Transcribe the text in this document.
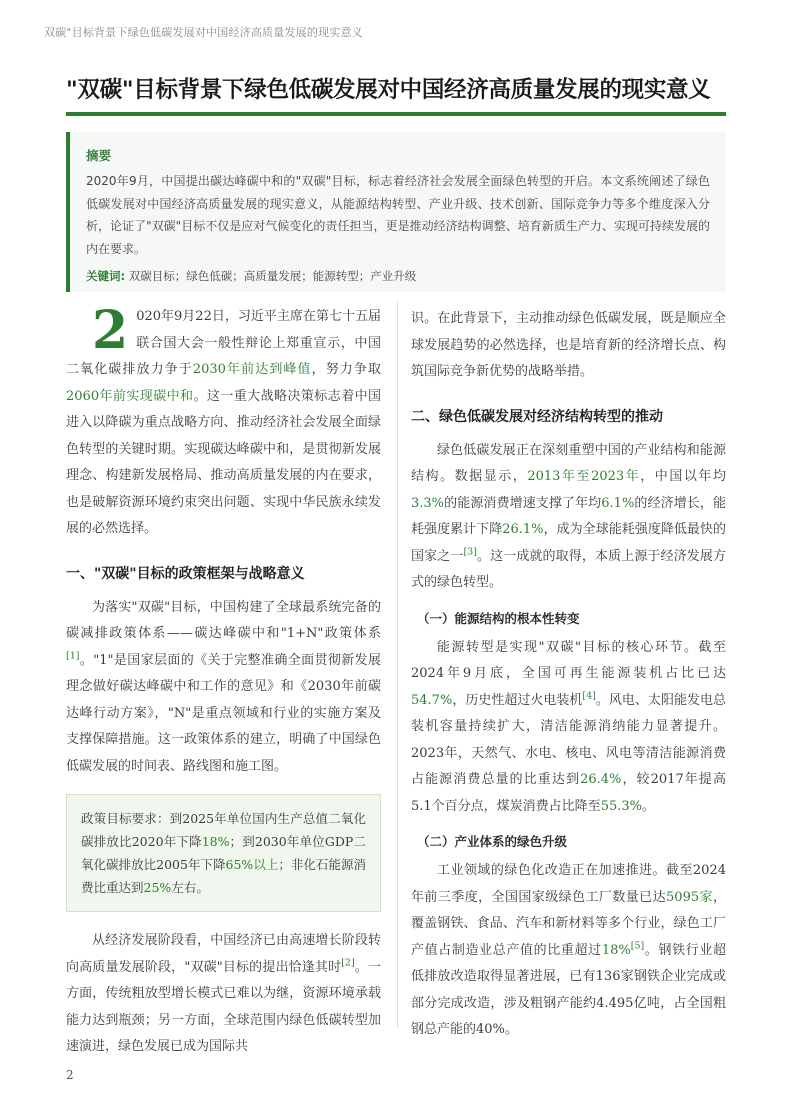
双碳"目标背景下绿色低碳发展对中国经济高质量发展的现实意义
"双碳"目标背景下绿色低碳发展对中国经济高质量发展的现实意义
摘要
2020年9月，中国提出碳达峰碳中和的"双碳"目标，标志着经济社会发展全面绿色转型的开启。本文系统阐述了绿色低碳发展对中国经济高质量发展的现实意义，从能源结构转型、产业升级、技术创新、国际竞争力等多个维度深入分析，论证了"双碳"目标不仅是应对气候变化的责任担当，更是推动经济结构调整、培育新质生产力、实现可持续发展的内在要求。
关键词: 双碳目标；绿色低碳；高质量发展；能源转型；产业升级

2 020年9月22日，习近平主席在第七十五届联合国大会一般性辩论上郑重宣示，中国二氧化碳排放力争于2030年前达到峰值，努力争取2060年前实现碳中和。这一重大战略决策标志着中国进入以降碳为重点战略方向、推动经济社会发展全面绿色转型的关键时期。实现碳达峰碳中和，是贯彻新发展理念、构建新发展格局、推动高质量发展的内在要求，也是破解资源环境约束突出问题、实现中华民族永续发展的必然选择。

一、"双碳"目标的政策框架与战略意义

为落实"双碳"目标，中国构建了全球最系统完备的碳减排政策体系——碳达峰碳中和"1+N"政策体系[1]。"1"是国家层面的《关于完整准确全面贯彻新发展理念做好碳达峰碳中和工作的意见》和《2030年前碳达峰行动方案》，"N"是重点领域和行业的实施方案及支撑保障措施。这一政策体系的建立，明确了中国绿色低碳发展的时间表、路线图和施工图。

政策目标要求：到2025年单位国内生产总值二氧化碳排放比2020年下降18%；到2030年单位GDP二氧化碳排放比2005年下降65%以上；非化石能源消费比重达到25%左右。

从经济发展阶段看，中国经济已由高速增长阶段转向高质量发展阶段，"双碳"目标的提出恰逢其时[2]。一方面，传统粗放型增长模式已难以为继，资源环境承载能力达到瓶颈；另一方面，全球范围内绿色低碳转型加速演进，绿色发展已成为国际共

识。在此背景下，主动推动绿色低碳发展，既是顺应全球发展趋势的必然选择，也是培育新的经济增长点、构筑国际竞争新优势的战略举措。

二、绿色低碳发展对经济结构转型的推动

绿色低碳发展正在深刻重塑中国的产业结构和能源结构。数据显示，2013年至2023年，中国以年均3.3%的能源消费增速支撑了年均6.1%的经济增长，能耗强度累计下降26.1%，成为全球能耗强度降低最快的国家之一[3]。这一成就的取得，本质上源于经济发展方式的绿色转型。

（一）能源结构的根本性转变

能源转型是实现"双碳"目标的核心环节。截至2024年9月底，全国可再生能源装机占比已达54.7%，历史性超过火电装机[4]。风电、太阳能发电总装机容量持续扩大，清洁能源消纳能力显著提升。2023年，天然气、水电、核电、风电等清洁能源消费占能源消费总量的比重达到26.4%，较2017年提高5.1个百分点，煤炭消费占比降至55.3%。

（二）产业体系的绿色升级

工业领域的绿色化改造正在加速推进。截至2024年前三季度，全国国家级绿色工厂数量已达5095家，覆盖钢铁、食品、汽车和新材料等多个行业，绿色工厂产值占制造业总产值的比重超过18%[5]。钢铁行业超低排放改造取得显著进展，已有136家钢铁企业完成或部分完成改造，涉及粗钢产能约4.495亿吨，占全国粗钢总产能的40%。

2
